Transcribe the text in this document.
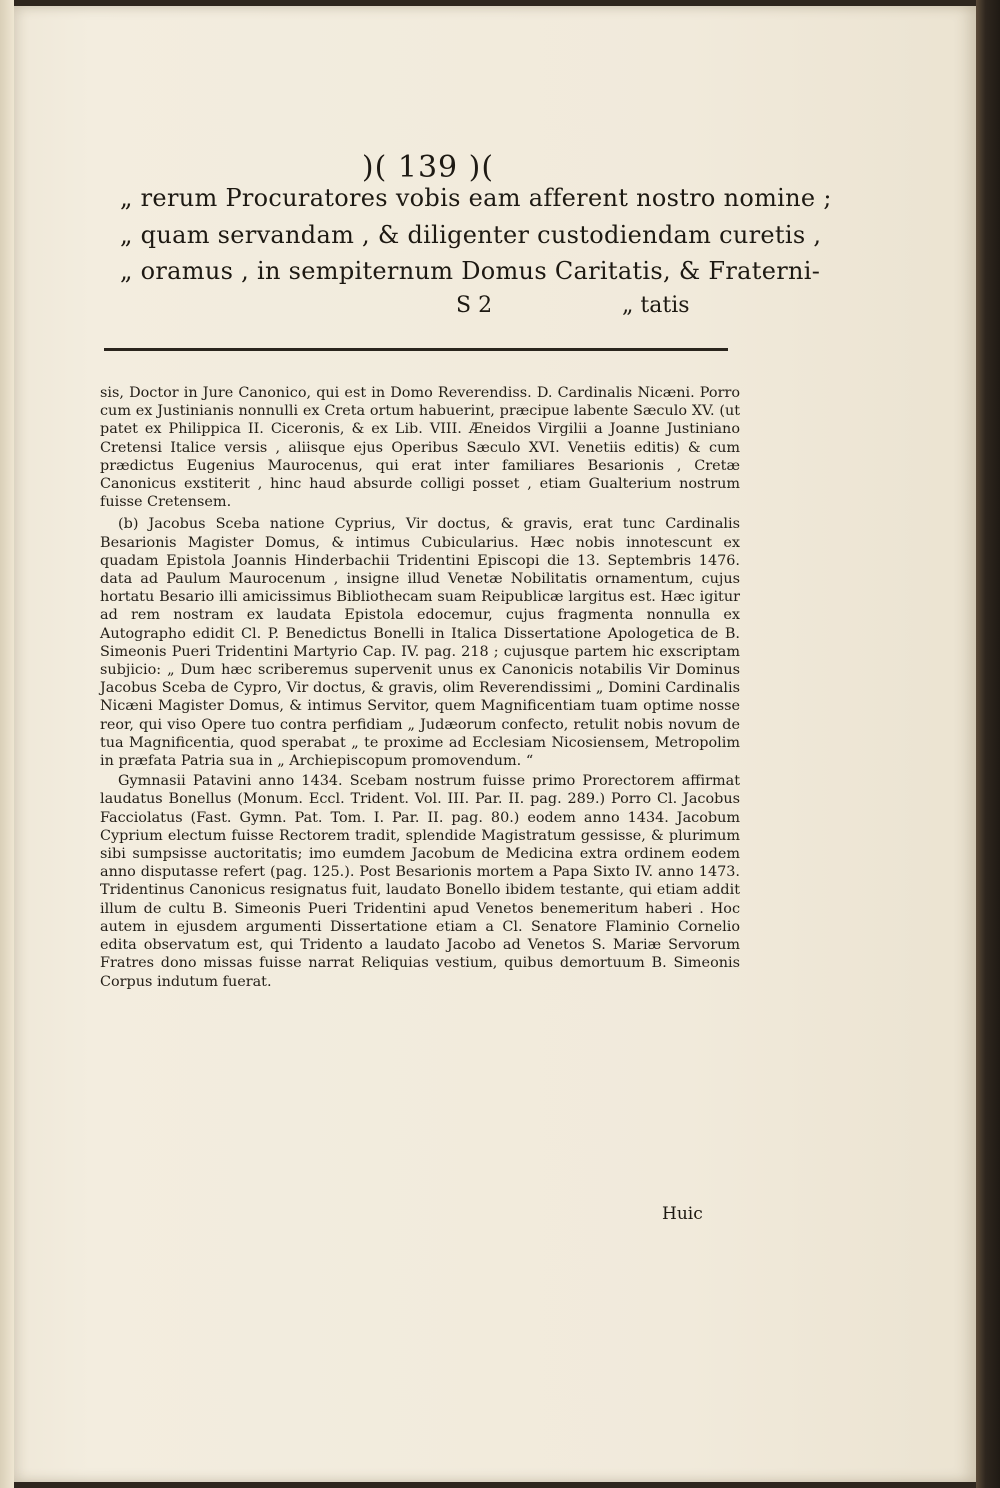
)( 139 )(
„ rerum Procuratores vobis eam afferent nostro nomine ;
„ quam servandam , & diligenter custodiendam curetis ,
„ oramus , in sempiternum Domus Caritatis, & Fraterni-
S 2	„ tatis

sis, Doctor in Jure Canonico, qui est in Domo Reverendiss. D. Cardinalis Nicæni. Porro cum ex Justinianis nonnulli ex Creta ortum habuerint, præcipue labente Sæculo XV. (ut patet ex Philippica II. Ciceronis, & ex Lib. VIII. Æneidos Virgilii a Joanne Justiniano Cretensi Italice versis , aliisque ejus Operibus Sæculo XVI. Venetiis editis) & cum prædictus Eugenius Maurocenus, qui erat inter familiares Besarionis , Cretæ Canonicus exstiterit , hinc haud absurde colligi posset , etiam Gualterium nostrum fuisse Cretensem.

(b) Jacobus Sceba natione Cyprius, Vir doctus, & gravis, erat tunc Cardinalis Besarionis Magister Domus, & intimus Cubicularius. Hæc nobis innotescunt ex quadam Epistola Joannis Hinderbachii Tridentini Episcopi die 13. Septembris 1476. data ad Paulum Maurocenum , insigne illud Venetæ Nobilitatis ornamentum, cujus hortatu Besario illi amicissimus Bibliothecam suam Reipublicæ largitus est. Hæc igitur ad rem nostram ex laudata Epistola edocemur, cujus fragmenta nonnulla ex Autographo edidit Cl. P. Benedictus Bonelli in Italica Dissertatione Apologetica de B. Simeonis Pueri Tridentini Martyrio Cap. IV. pag. 218 ; cujusque partem hic exscriptam subjicio: „ Dum hæc scriberemus supervenit unus ex Canonicis notabilis Vir Dominus Jacobus Sceba de Cypro, Vir doctus, & gravis, olim Reverendissimi „ Domini Cardinalis Nicæni Magister Domus, & intimus Servitor, quem Magnificentiam tuam optime nosse reor, qui viso Opere tuo contra perfidiam „ Judæorum confecto, retulit nobis novum de tua Magnificentia, quod sperabat „ te proxime ad Ecclesiam Nicosiensem, Metropolim in præfata Patria sua in „ Archiepiscopum promovendum. “

Gymnasii Patavini anno 1434. Scebam nostrum fuisse primo Prorectorem affirmat laudatus Bonellus (Monum. Eccl. Trident. Vol. III. Par. II. pag. 289.) Porro Cl. Jacobus Facciolatus (Fast. Gymn. Pat. Tom. I. Par. II. pag. 80.) eodem anno 1434. Jacobum Cyprium electum fuisse Rectorem tradit, splendide Magistratum gessisse, & plurimum sibi sumpsisse auctoritatis; imo eumdem Jacobum de Medicina extra ordinem eodem anno disputasse refert (pag. 125.). Post Besarionis mortem a Papa Sixto IV. anno 1473. Tridentinus Canonicus resignatus fuit, laudato Bonello ibidem testante, qui etiam addit illum de cultu B. Simeonis Pueri Tridentini apud Venetos benemeritum haberi . Hoc autem in ejusdem argumenti Dissertatione etiam a Cl. Senatore Flaminio Cornelio edita observatum est, qui Tridento a laudato Jacobo ad Venetos S. Mariæ Servorum Fratres dono missas fuisse narrat Reliquias vestium, quibus demortuum B. Simeonis Corpus indutum fuerat.

Huic
